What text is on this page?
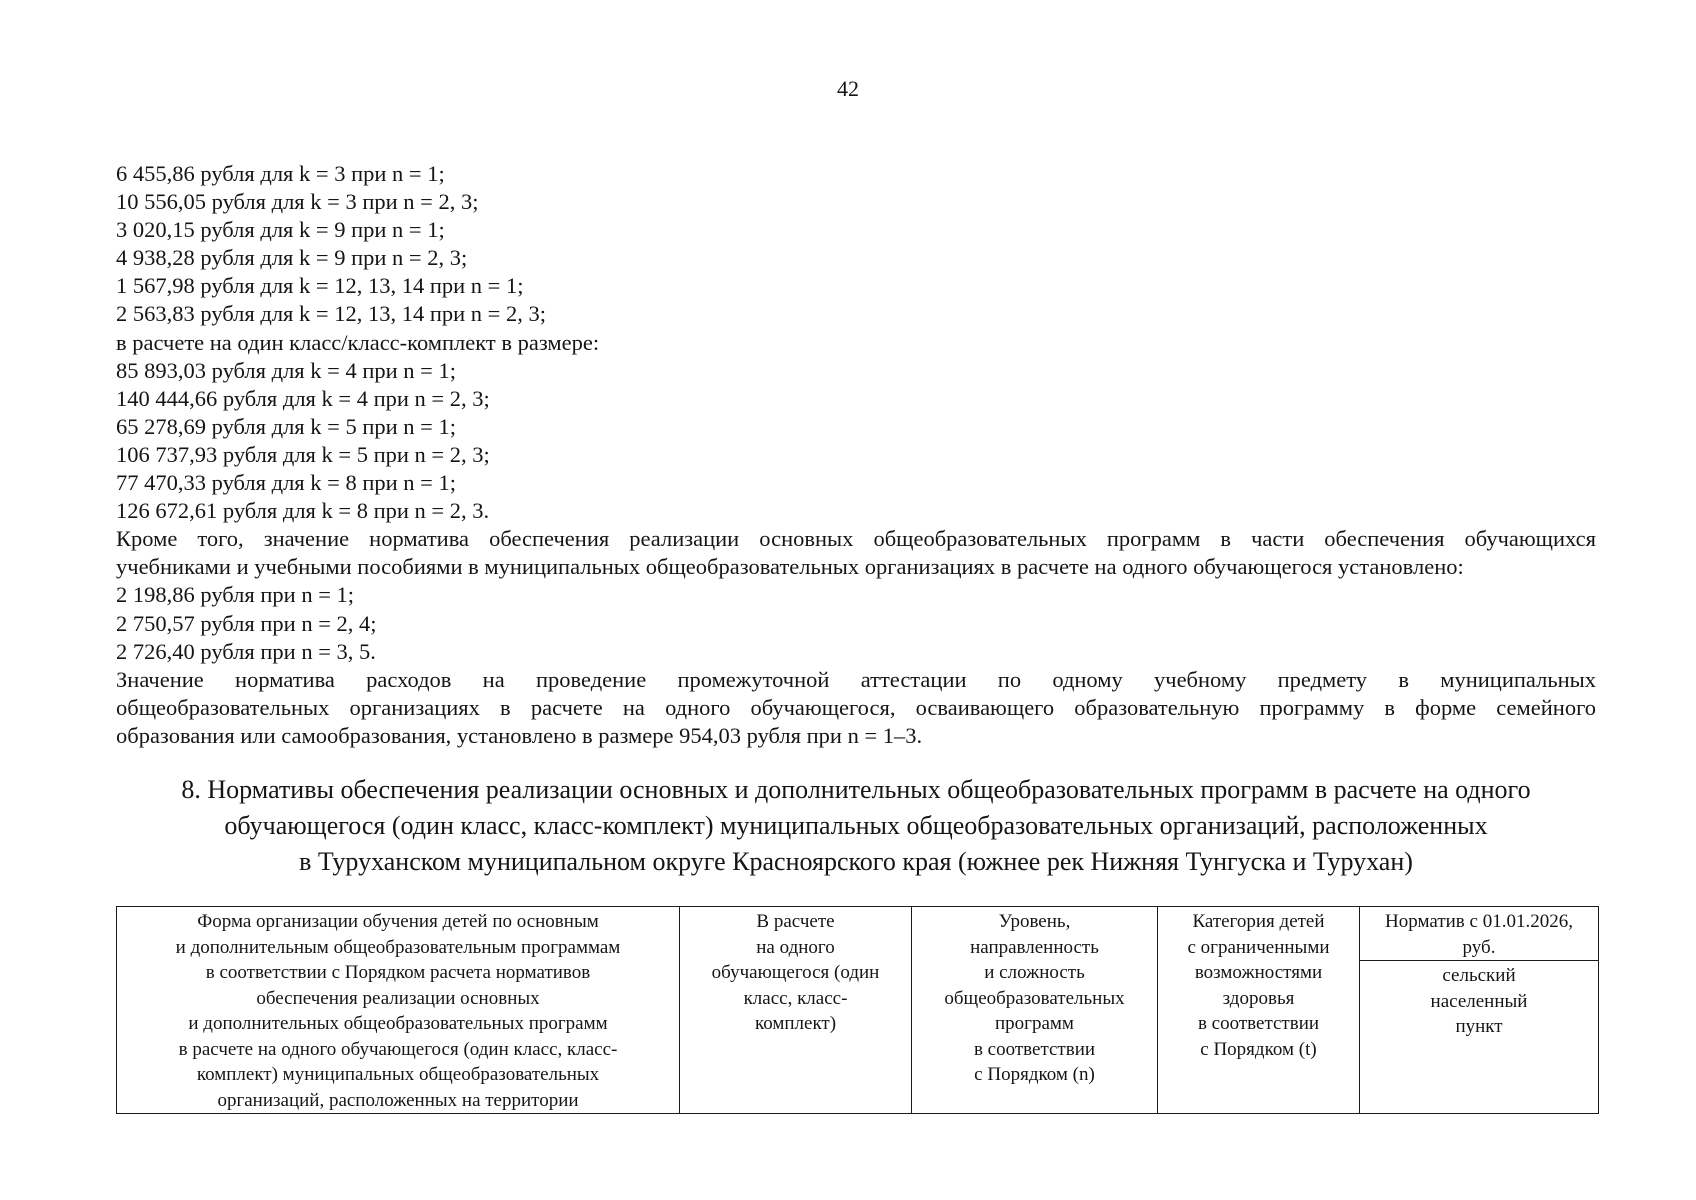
42
6 455,86 рубля для k = 3 при n = 1;
10 556,05 рубля для k = 3 при n = 2, 3;
3 020,15 рубля для k = 9 при n = 1;
4 938,28 рубля для k = 9 при n = 2, 3;
1 567,98 рубля для k = 12, 13, 14 при n = 1;
2 563,83 рубля для k = 12, 13, 14 при n = 2, 3;
в расчете на один класс/класс-комплект в размере:
85 893,03 рубля для k = 4 при n = 1;
140 444,66 рубля для k = 4 при n = 2, 3;
65 278,69 рубля для k = 5 при n = 1;
106 737,93 рубля для k = 5 при n = 2, 3;
77 470,33 рубля для k = 8 при n = 1;
126 672,61 рубля для k = 8 при n = 2, 3.
Кроме того, значение норматива обеспечения реализации основных общеобразовательных программ в части обеспечения обучающихся
учебниками и учебными пособиями в муниципальных общеобразовательных организациях в расчете на одного обучающегося установлено:
2 198,86 рубля при n = 1;
2 750,57 рубля при n = 2, 4;
2 726,40 рубля при n = 3, 5.
Значение норматива расходов на проведение промежуточной аттестации по одному учебному предмету в муниципальных
общеобразовательных организациях в расчете на одного обучающегося, осваивающего образовательную программу в форме семейного
образования или самообразования, установлено в размере 954,03 рубля при n = 1–3.
8. Нормативы обеспечения реализации основных и дополнительных общеобразовательных программ в расчете на одного
обучающегося (один класс, класс-комплект) муниципальных общеобразовательных организаций, расположенных
в Туруханском муниципальном округе Красноярского края (южнее рек Нижняя Тунгуска и Турухан)
Форма организации обучения детей по основным
и дополнительным общеобразовательным программам
в соответствии с Порядком расчета нормативов
обеспечения реализации основных
и дополнительных общеобразовательных программ
в расчете на одного обучающегося (один класс, класс-
комплект) муниципальных общеобразовательных
организаций, расположенных на территории	В расчете
на одного
обучающегося (один
класс, класс-
комплект)	Уровень,
направленность
и сложность
общеобразовательных
программ
в соответствии
с Порядком (n)	Категория детей
с ограниченными
возможностями
здоровья
в соответствии
с Порядком (t)	Норматив с 01.01.2026,
руб.
сельский
населенный
пункт
